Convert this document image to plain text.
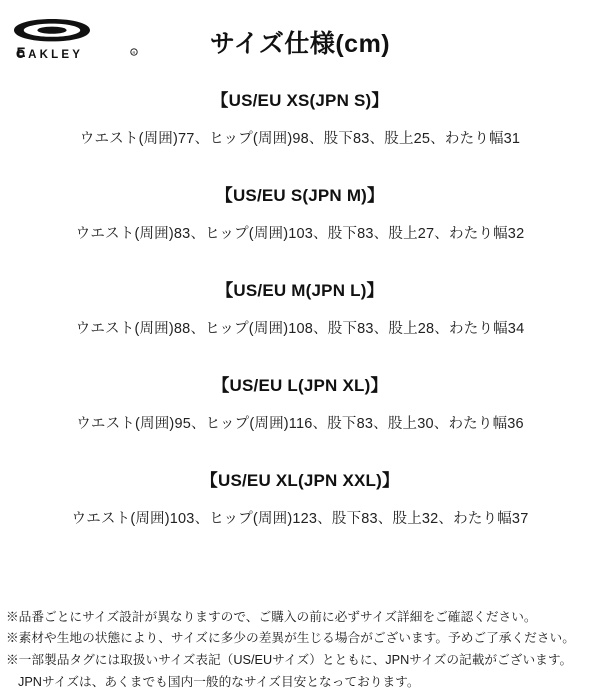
OAKLEY	R	サイズ仕様(cm)
【US/EU XS(JPN S)】
ウエスト(周囲)77、ヒップ(周囲)98、股下83、股上25、わたり幅31
【US/EU S(JPN M)】
ウエスト(周囲)83、ヒップ(周囲)103、股下83、股上27、わたり幅32
【US/EU M(JPN L)】
ウエスト(周囲)88、ヒップ(周囲)108、股下83、股上28、わたり幅34
【US/EU L(JPN XL)】
ウエスト(周囲)95、ヒップ(周囲)116、股下83、股上30、わたり幅36
【US/EU XL(JPN XXL)】
ウエスト(周囲)103、ヒップ(周囲)123、股下83、股上32、わたり幅37
※品番ごとにサイズ設計が異なりますので、ご購入の前に必ずサイズ詳細をご確認ください。
※素材や生地の状態により、サイズに多少の差異が生じる場合がございます。予めご了承ください。
※一部製品タグには取扱いサイズ表記（US/EUサイズ）とともに、JPNサイズの記載がございます。
JPNサイズは、あくまでも国内一般的なサイズ目安となっております。
